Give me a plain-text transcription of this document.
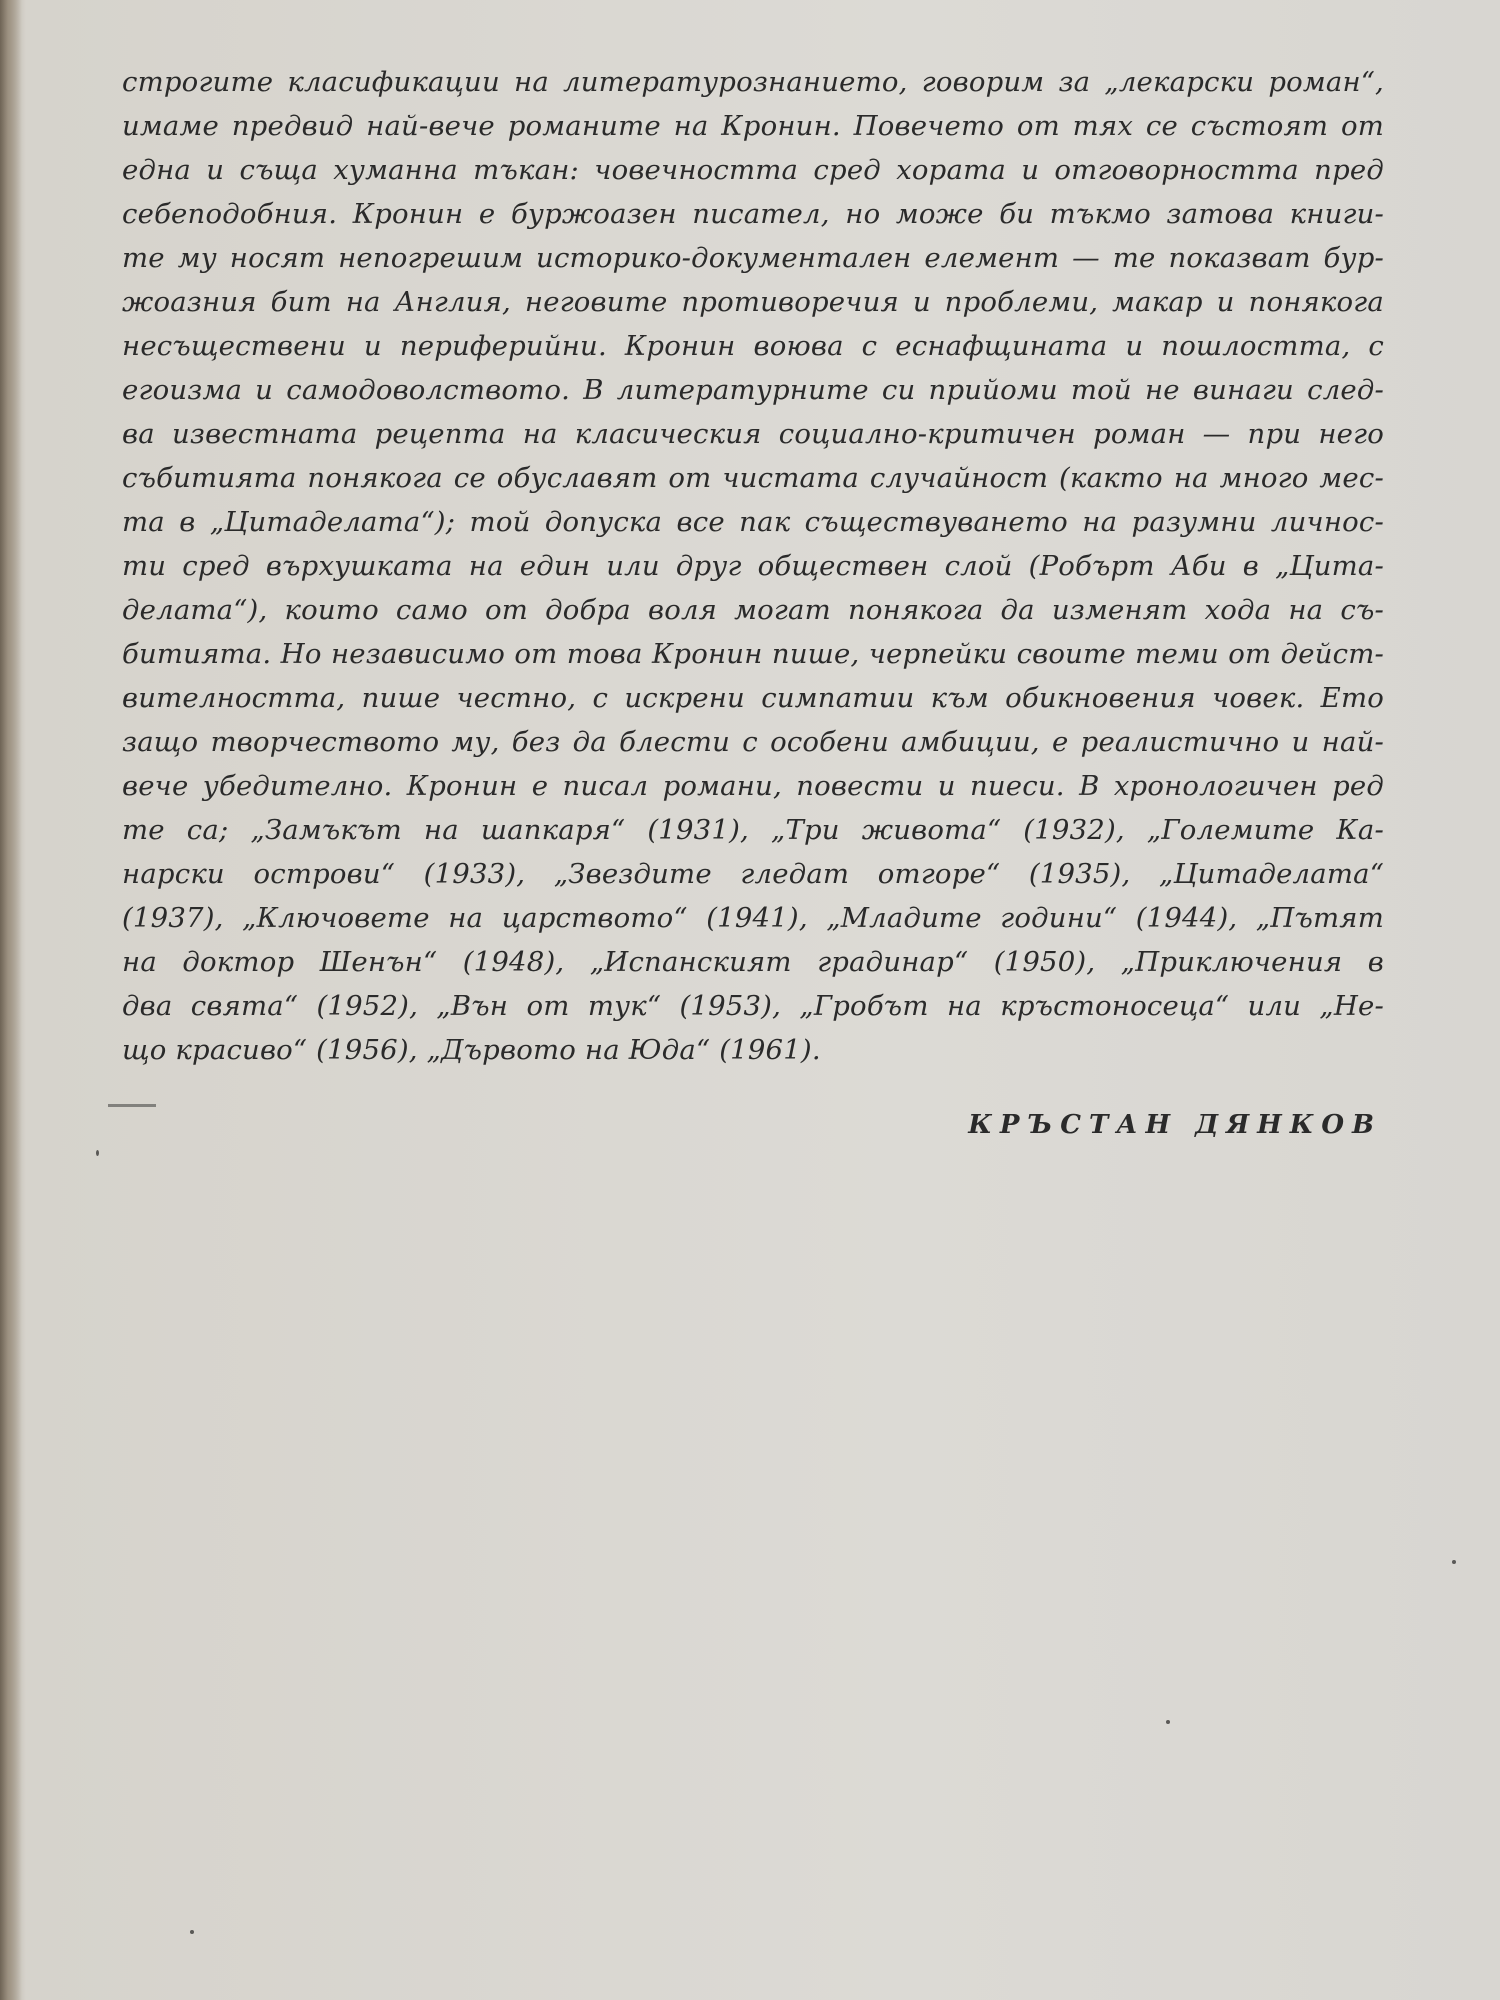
строгите класификации на литературознанието, говорим за „лекарски роман“,
имаме предвид най-вече романите на Кронин. Повечето от тях се състоят от
една и съща хуманна тъкан: човечността сред хората и отговорността пред
себеподобния. Кронин е буржоазен писател, но може би тъкмо затова книги-
те му носят непогрешим историко-документален елемент — те показват бур-
жоазния бит на Англия, неговите противоречия и проблеми, макар и понякога
несъществени и периферийни. Кронин воюва с еснафщината и пошлостта, с
егоизма и самодоволството. В литературните си прийоми той не винаги след-
ва известната рецепта на класическия социално-критичен роман — при него
събитията понякога се обуславят от чистата случайност (както на много мес-
та в „Цитаделата“); той допуска все пак съществуването на разумни личнос-
ти сред върхушката на един или друг обществен слой (Робърт Аби в „Цита-
делата“), които само от добра воля могат понякога да изменят хода на съ-
битията. Но независимо от това Кронин пише, черпейки своите теми от дейст-
вителността, пише честно, с искрени симпатии към обикновения човек. Ето
защо творчеството му, без да блести с особени амбиции, е реалистично и най-
вече убедително. Кронин е писал романи, повести и пиеси. В хронологичен ред
те са; „Замъкът на шапкаря“ (1931), „Три живота“ (1932), „Големите Ка-
нарски острови“ (1933), „Звездите гледат отгоре“ (1935), „Цитаделата“
(1937), „Ключовете на царството“ (1941), „Младите години“ (1944), „Пътят
на доктор Шенън“ (1948), „Испанският градинар“ (1950), „Приключения в
два свята“ (1952), „Вън от тук“ (1953), „Гробът на кръстоносеца“ или „Не-
що красиво“ (1956), „Дървото на Юда“ (1961).
КРЪСТАН ДЯНКОВ
